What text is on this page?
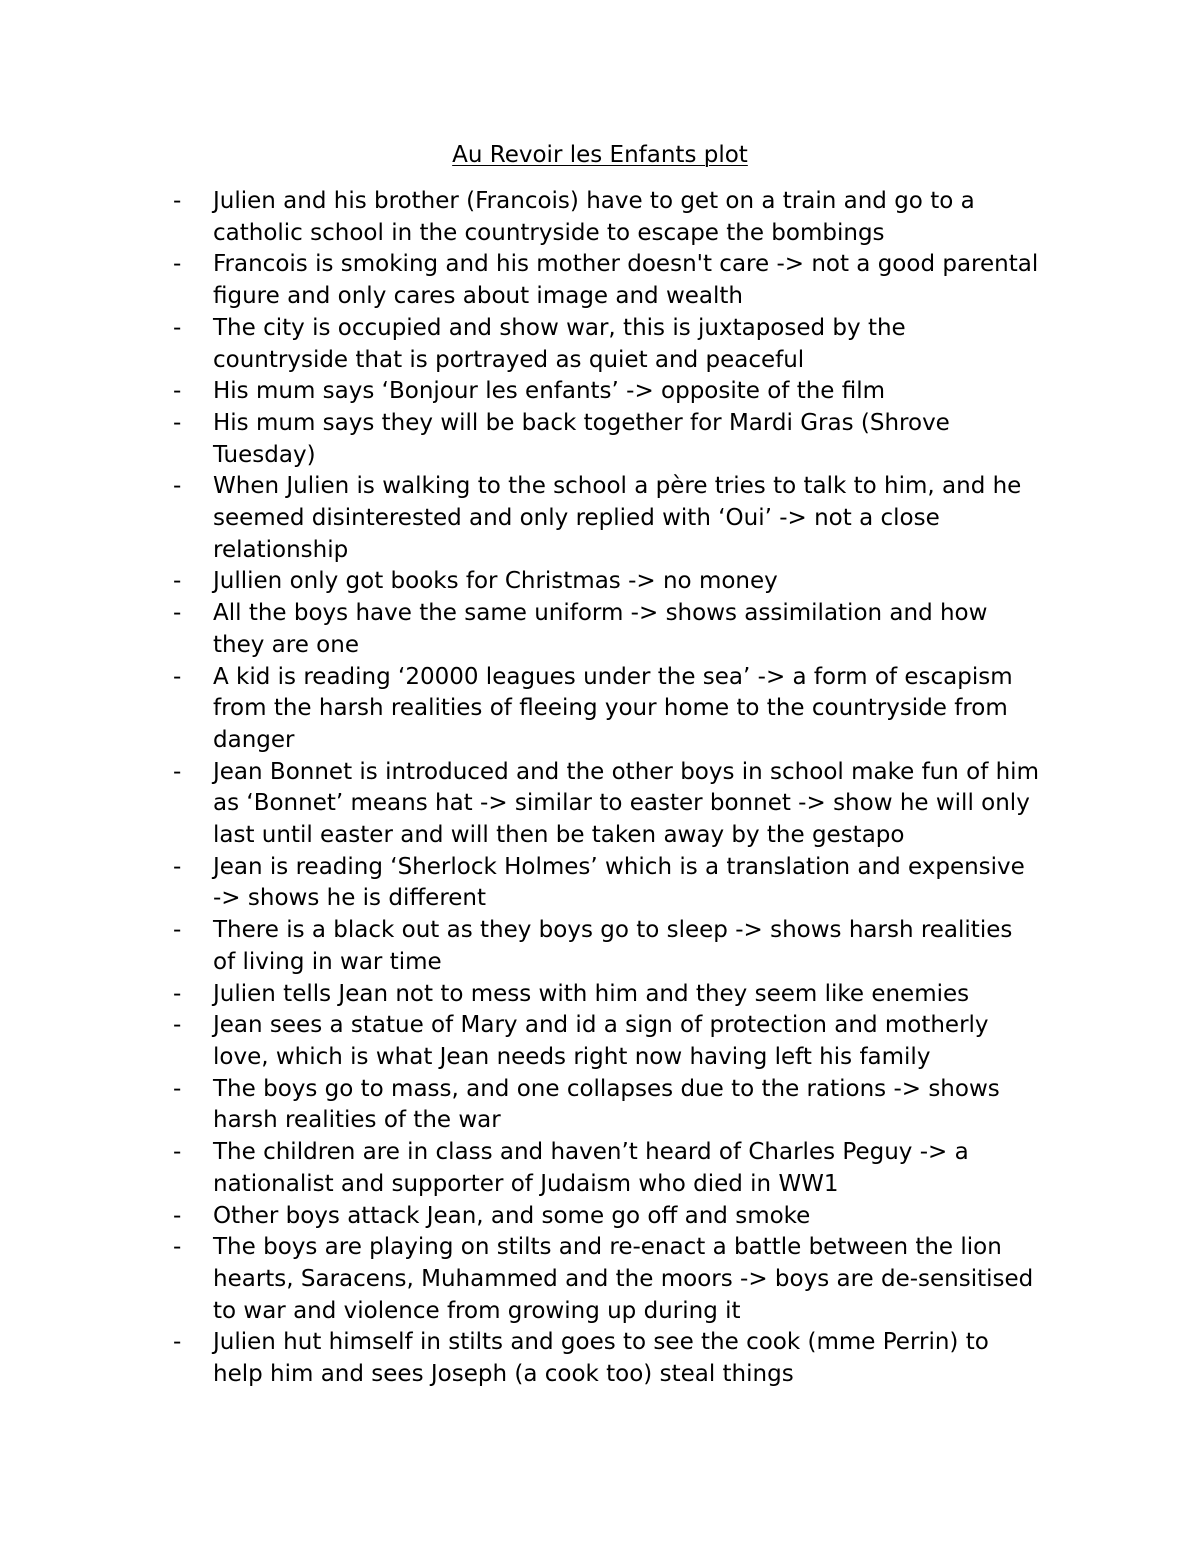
Au Revoir les Enfants plot
-	Julien and his brother (Francois) have to get on a train and go to a
catholic school in the countryside to escape the bombings
-	Francois is smoking and his mother doesn't care -> not a good parental
figure and only cares about image and wealth
-	The city is occupied and show war, this is juxtaposed by the
countryside that is portrayed as quiet and peaceful
-	His mum says ‘Bonjour les enfants’ -> opposite of the film
-	His mum says they will be back together for Mardi Gras (Shrove
Tuesday)
-	When Julien is walking to the school a père tries to talk to him, and he
seemed disinterested and only replied with ‘Oui’ -> not a close
relationship
-	Jullien only got books for Christmas -> no money
-	All the boys have the same uniform -> shows assimilation and how
they are one
-	A kid is reading ‘20000 leagues under the sea’ -> a form of escapism
from the harsh realities of fleeing your home to the countryside from
danger
-	Jean Bonnet is introduced and the other boys in school make fun of him
as ‘Bonnet’ means hat -> similar to easter bonnet -> show he will only
last until easter and will then be taken away by the gestapo
-	Jean is reading ‘Sherlock Holmes’ which is a translation and expensive
-> shows he is different
-	There is a black out as they boys go to sleep -> shows harsh realities
of living in war time
-	Julien tells Jean not to mess with him and they seem like enemies
-	Jean sees a statue of Mary and id a sign of protection and motherly
love, which is what Jean needs right now having left his family
-	The boys go to mass, and one collapses due to the rations -> shows
harsh realities of the war
-	The children are in class and haven’t heard of Charles Peguy -> a
nationalist and supporter of Judaism who died in WW1
-	Other boys attack Jean, and some go off and smoke
-	The boys are playing on stilts and re-enact a battle between the lion
hearts, Saracens, Muhammed and the moors -> boys are de-sensitised
to war and violence from growing up during it
-	Julien hut himself in stilts and goes to see the cook (mme Perrin) to
help him and sees Joseph (a cook too) steal things
